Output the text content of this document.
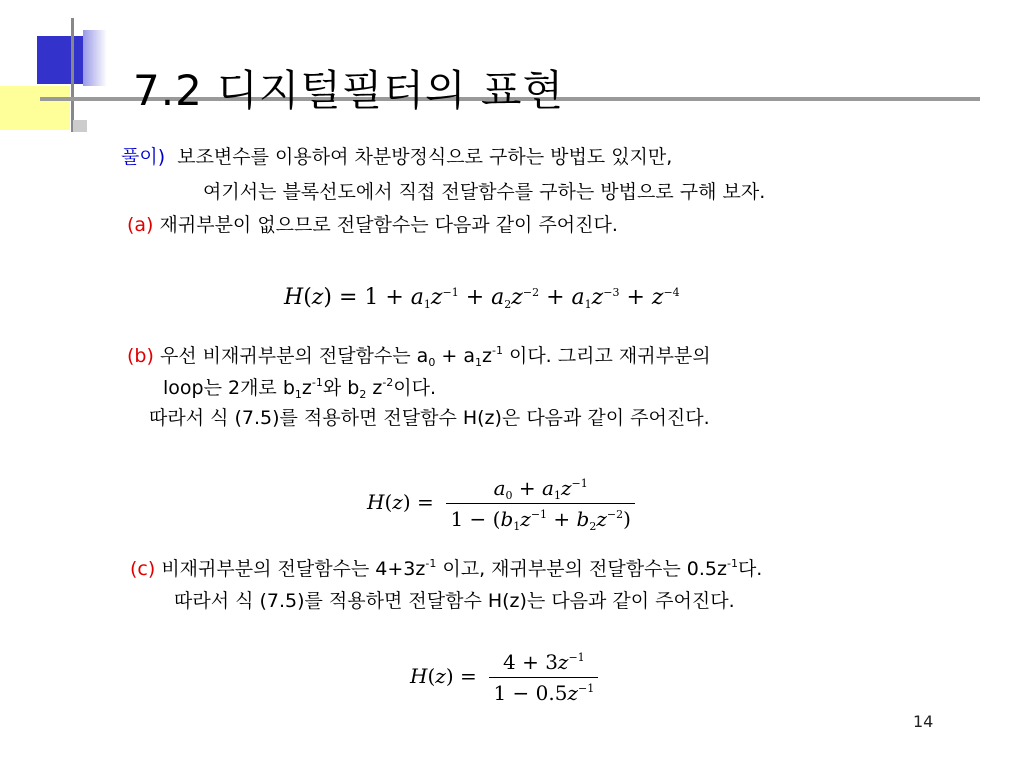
7.2 디지털필터의 표현
풀이) 보조변수를 이용하여 차분방정식으로 구하는 방법도 있지만,
여기서는 블록선도에서 직접 전달함수를 구하는 방법으로 구해 보자.
(a) 재귀부분이 없으므로 전달함수는 다음과 같이 주어진다.
$H(z) = 1 + a_1z^{-1} + a_2z^{-2} + a_1z^{-3} + z^{-4}$
(b) 우선 비재귀부분의 전달함수는 $a_0 + a_1z^{-1}$ 이다. 그리고 재귀부분의
loop는 2개로 $b_1z^{-1}$와 $b_2$ $z^{-2}$이다.
따라서 식 (7.5)를 적용하면 전달함수 H(z)은 다음과 같이 주어진다.
$H(z) = \frac{a_0 + a_1z^{-1}}{1 - (b_1z^{-1} + b_2z^{-2})}$
(c) 비재귀부분의 전달함수는 $4+3z^{-1}$ 이고, 재귀부분의 전달함수는 $0.5z^{-1}$다.
따라서 식 (7.5)를 적용하면 전달함수 H(z)는 다음과 같이 주어진다.
$H(z) = \frac{4 + 3z^{-1}}{1 - 0.5z^{-1}}$
14
